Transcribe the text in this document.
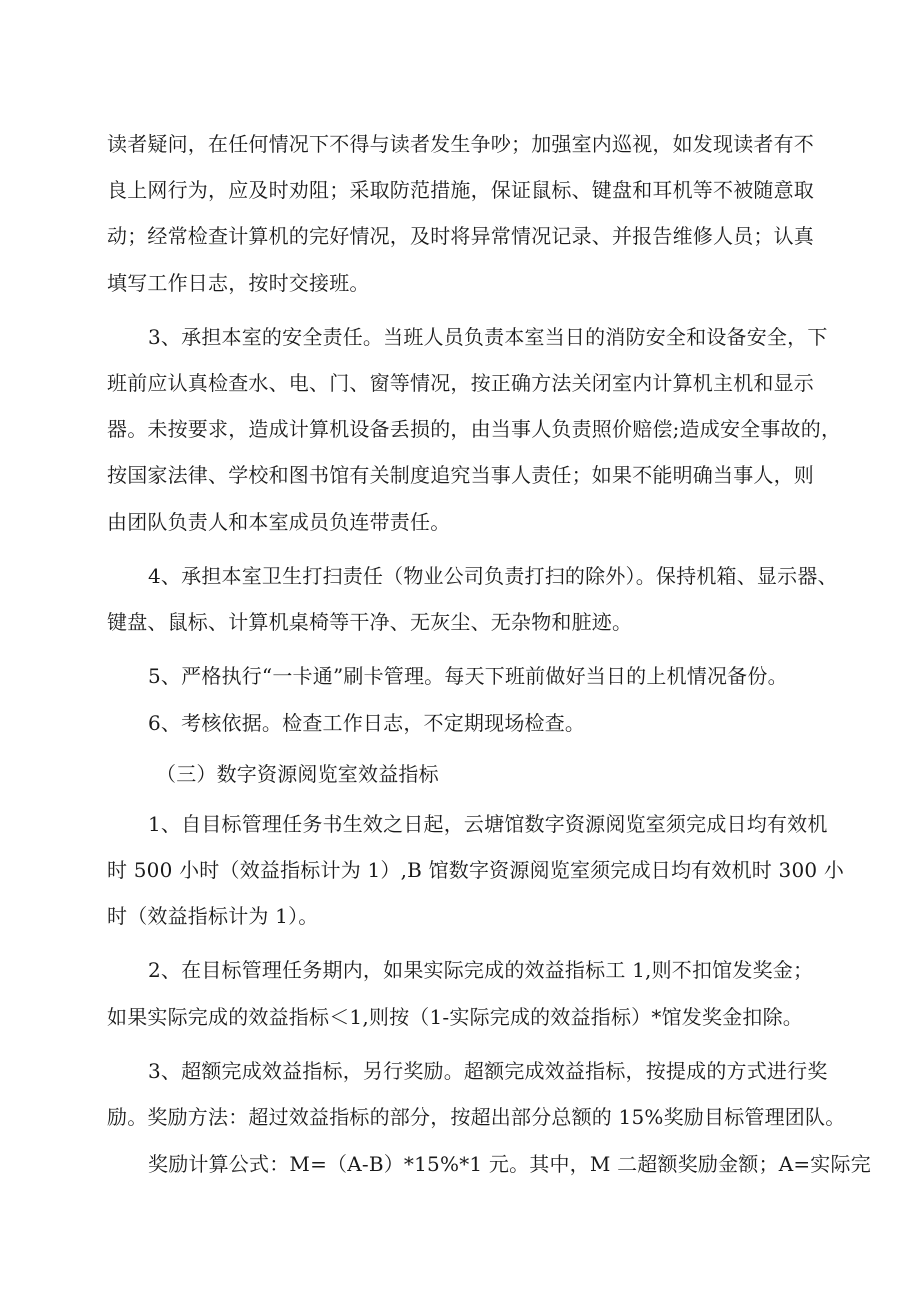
读者疑问，在任何情况下不得与读者发生争吵；加强室内巡视，如发现读者有不
良上网行为，应及时劝阻；采取防范措施，保证鼠标、键盘和耳机等不被随意取
动；经常检查计算机的完好情况，及时将异常情况记录、并报告维修人员；认真
填写工作日志，按时交接班。
3、承担本室的安全责任。当班人员负责本室当日的消防安全和设备安全，下
班前应认真检查水、电、门、窗等情况，按正确方法关闭室内计算机主机和显示
器。未按要求，造成计算机设备丢损的，由当事人负责照价赔偿;造成安全事故的，
按国家法律、学校和图书馆有关制度追究当事人责任；如果不能明确当事人，则
由团队负责人和本室成员负连带责任。
4、承担本室卫生打扫责任（物业公司负责打扫的除外）。保持机箱、显示器、
键盘、鼠标、计算机桌椅等干净、无灰尘、无杂物和脏迹。
5、严格执行“一卡通”刷卡管理。每天下班前做好当日的上机情况备份。
6、考核依据。检查工作日志，不定期现场检查。
（三）数字资源阅览室效益指标
1、自目标管理任务书生效之日起，云塘馆数字资源阅览室须完成日均有效机
时 500 小时（效益指标计为 1）,B 馆数字资源阅览室须完成日均有效机时 300 小
时（效益指标计为 1）。
2、在目标管理任务期内，如果实际完成的效益指标工 1,则不扣馆发奖金；
如果实际完成的效益指标＜1,则按（1-实际完成的效益指标）*馆发奖金扣除。
3、超额完成效益指标，另行奖励。超额完成效益指标，按提成的方式进行奖
励。奖励方法：超过效益指标的部分，按超出部分总额的 15%奖励目标管理团队。
奖励计算公式：M=（A-B）*15%*1 元。其中，M 二超额奖励金额；A=实际完
